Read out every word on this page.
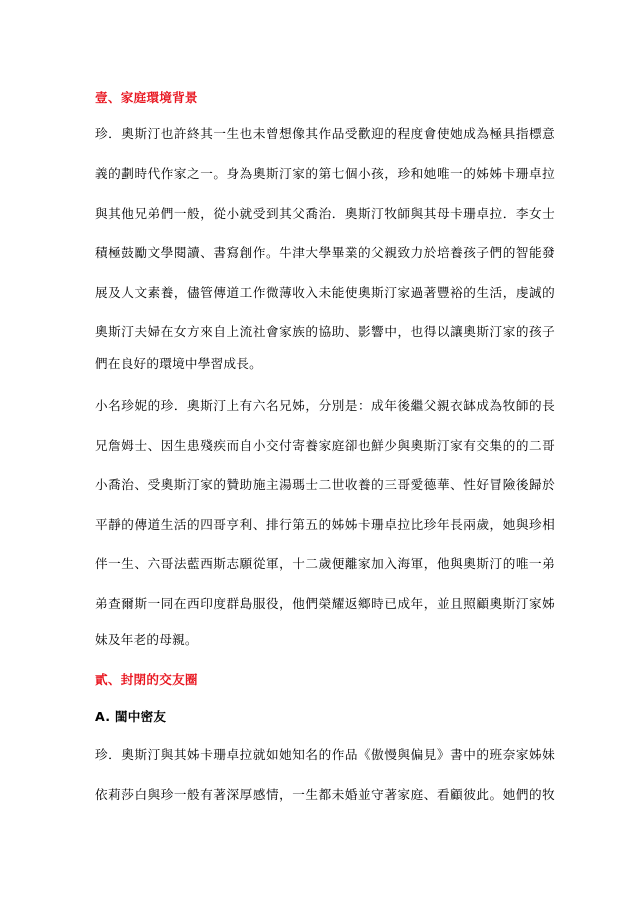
壹、家庭環境背景
珍．奧斯汀也許終其一生也未曾想像其作品受歡迎的程度會使她成為極具指標意
義的劃時代作家之一。身為奧斯汀家的第七個小孩，珍和她唯一的姊姊卡珊卓拉
與其他兄弟們一般，從小就受到其父喬治．奧斯汀牧師與其母卡珊卓拉．李女士
積極鼓勵文學閱讀、書寫創作。牛津大學畢業的父親致力於培養孩子們的智能發
展及人文素養，儘管傳道工作微薄收入未能使奧斯汀家過著豐裕的生活，虔誠的
奧斯汀夫婦在女方來自上流社會家族的協助、影響中，也得以讓奧斯汀家的孩子
們在良好的環境中學習成長。
小名珍妮的珍．奧斯汀上有六名兄姊，分別是：成年後繼父親衣缽成為牧師的長
兄詹姆士、因生患殘疾而自小交付寄養家庭卻也鮮少與奧斯汀家有交集的的二哥
小喬治、受奧斯汀家的贊助施主湯瑪士二世收養的三哥愛德華、性好冒險後歸於
平靜的傳道生活的四哥亨利、排行第五的姊姊卡珊卓拉比珍年長兩歲，她與珍相
伴一生、六哥法藍西斯志願從軍，十二歲便離家加入海軍，他與奧斯汀的唯一弟
弟查爾斯一同在西印度群島服役，他們榮耀返鄉時已成年，並且照顧奧斯汀家姊
妹及年老的母親。
貳、封閉的交友圈
A. 閨中密友
珍．奧斯汀與其姊卡珊卓拉就如她知名的作品《傲慢與偏見》書中的班奈家姊妹
依莉莎白與珍一般有著深厚感情，一生都未婚並守著家庭、看顧彼此。她們的牧
